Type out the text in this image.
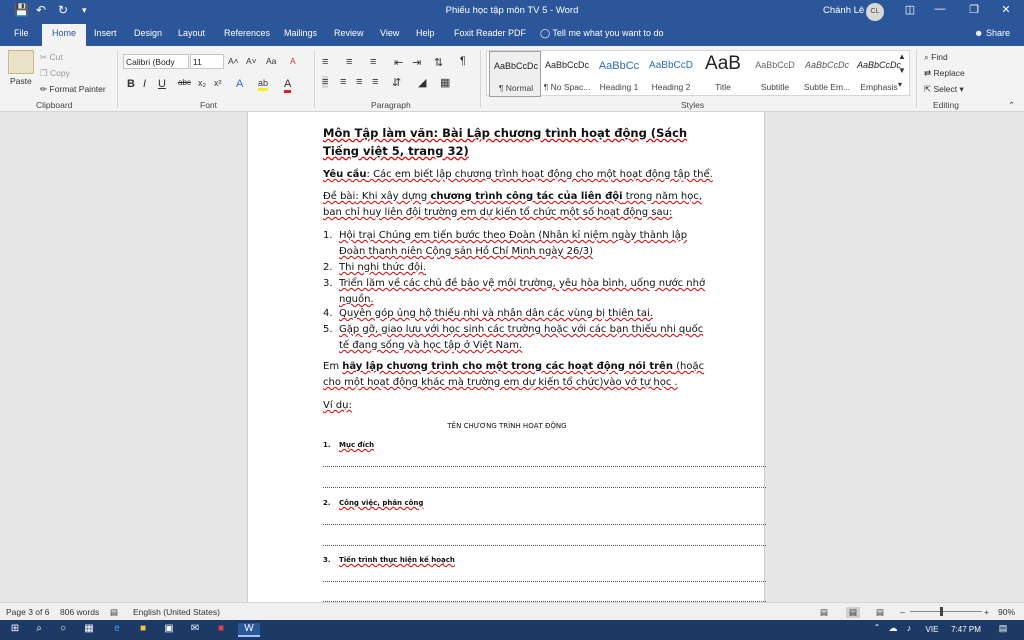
💾 ↶ ↻ ▾	Phiếu học tập môn TV 5 - Word	Chánh Lê CL	◫	—	❐	✕
File	Home	Insert Design Layout References Mailings Review View Help Foxit Reader PDF ◯ Tell me what you want to do	☻ Share
Paste
✂ Cut
❐ Copy
✏ Format Painter
Clipboard
Calibri (Body	11	A˄ A˅ Aa A
B I U abc x₂ x² A ab A
Font
≡ ≡ ≡ ⇤ ⇥ ⇅ ¶
≡ ≡ ≡ ≡ ⇵ ◢ ▦
Paragraph
AaBbCcDc
¶ Normal
AaBbCcDc
¶ No Spac...
AaBbCc
Heading 1
AaBbCcD
Heading 2
AaB
Title
AaBbCcD
Subtitle
AaBbCcDc
Subtle Em...
AaBbCcDc
Emphasis
▲
▼
▾
Styles
⌕ Find
⇄ Replace
⇱ Select ▾
Editing	⌃
Môn Tập làm văn: Bài Lập chương trình hoạt động (Sách Tiếng việt 5, trang 32)
Yêu cầu: Các em biết lập chương trình hoạt động cho một hoạt động tập thể.
Đề bài: Khi xây dựng chương trình công tác của liên đội trong năm học, ban chỉ huy liên đội trường em dự kiến tổ chức một số hoạt động sau:
1. Hội trại Chúng em tiến bước theo Đoàn (Nhân kỉ niệm ngày thành lập Đoàn thanh niên Cộng sản Hồ Chí Minh ngày 26/3)
2. Thi nghi thức đội.
3. Triển lãm về các chủ đề bảo vệ môi trường, yêu hòa bình, uống nước nhớ nguồn.
4. Quyên góp ủng hộ thiếu nhi và nhân dân các vùng bị thiên tai.
5. Gặp gỡ, giao lưu với học sinh các trường hoặc với các bạn thiếu nhi quốc tế đang sống và học tập ở Việt Nam.
Em hãy lập chương trình cho một trong các hoạt động nói trên (hoặc cho một hoạt động khác mà trường em dự kiến tổ chức)vào vở tự học .
Ví dụ:
TÊN CHƯƠNG TRÌNH HOẠT ĐỘNG
1. Mục đích
2. Công việc, phân công
3. Tiến trình thực hiện kế hoạch
Page 3 of 6 806 words ▤ English (United States)	▤	▤	▤ –	+ 90%
⊞	⌕	○	▦	e	■	▣	✉	■	W	⌃ ☁	♪	VIE	7:47 PM	▤
